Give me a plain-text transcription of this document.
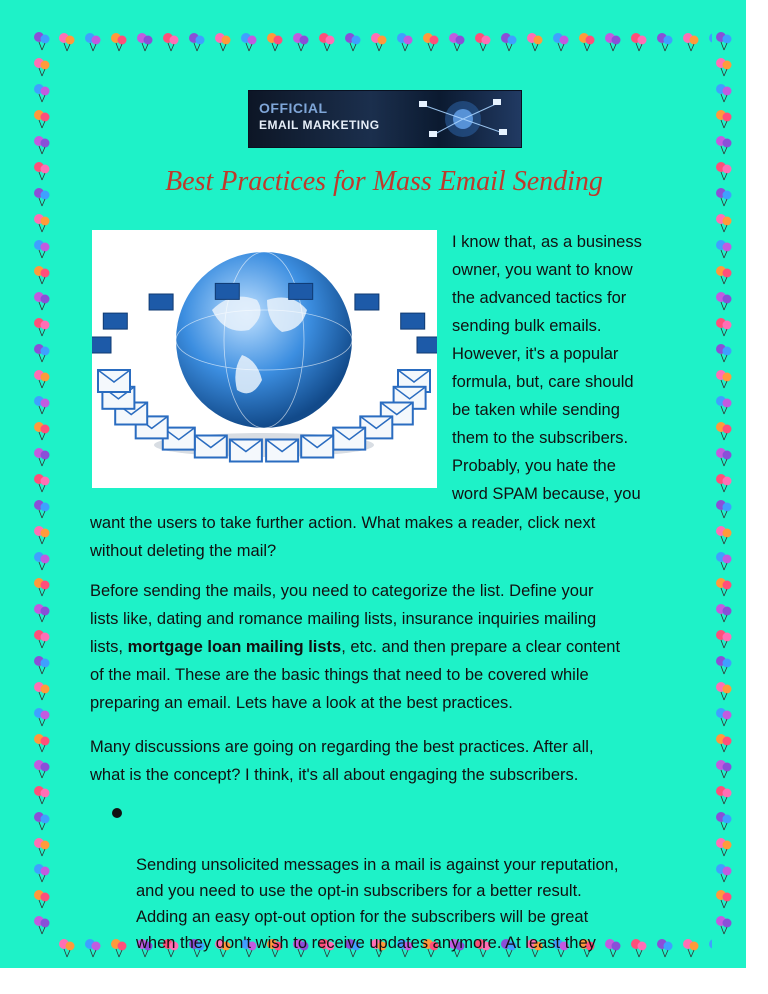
OFFICIAL
EMAIL MARKETING
Best Practices for Mass Email Sending

I know that, as a business
owner, you want to know
the advanced tactics for
sending bulk emails.
However, it's a popular
formula, but, care should
be taken while sending
them to the subscribers.
Probably, you hate the
word SPAM because, you

want the users to take further action. What makes a reader, click next
without deleting the mail?

Before sending the mails, you need to categorize the list. Define your
lists like, dating and romance mailing lists, insurance inquiries mailing
lists, mortgage loan mailing lists, etc. and then prepare a clear content
of the mail. These are the basic things that need to be covered while
preparing an email. Lets have a look at the best practices.

Many discussions are going on regarding the best practices. After all,
what is the concept? I think, it's all about engaging the subscribers.

Sending unsolicited messages in a mail is against your reputation,
and you need to use the opt-in subscribers for a better result.
Adding an easy opt-out option for the subscribers will be great
when they don't wish to receive updates anymore. At least they
